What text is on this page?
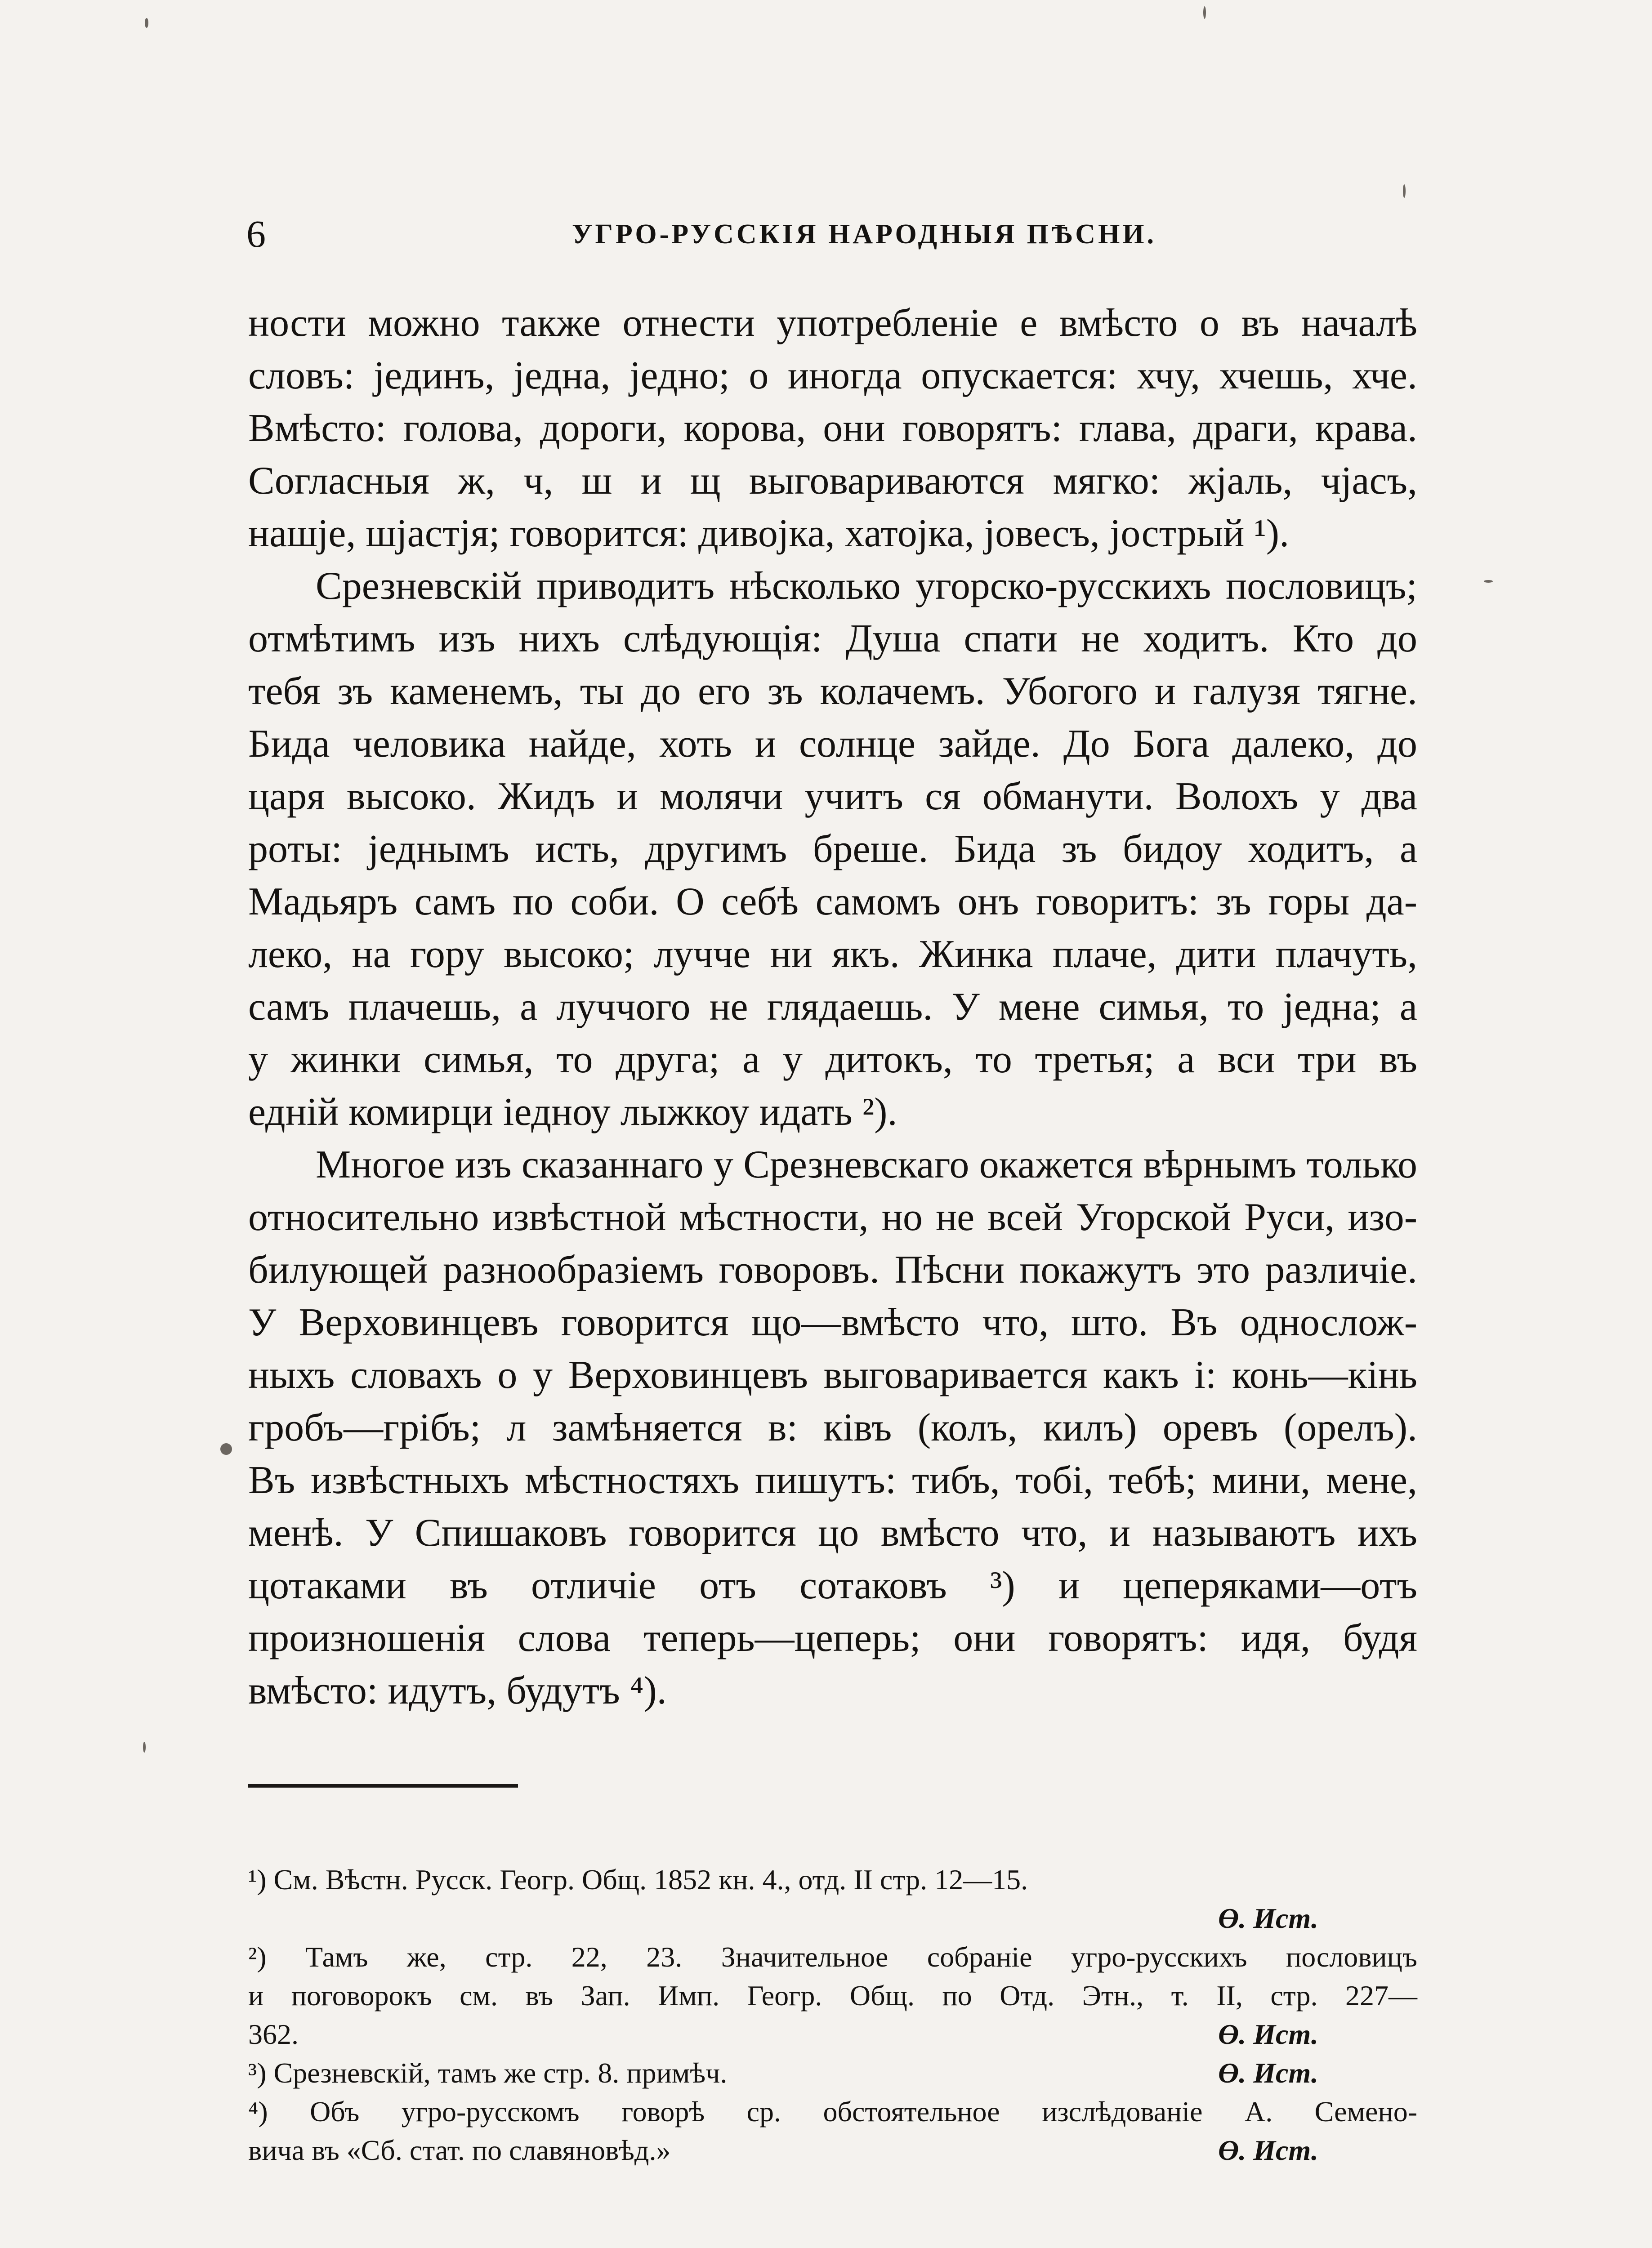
6	УГРО-РУССКІЯ НАРОДНЫЯ ПѢСНИ.
ности можно также отнести употребленіе е вмѣсто о въ началѣ
словъ: јединъ, једна, једно; о иногда опускается: хчу, хчешь, хче.
Вмѣсто: голова, дороги, корова, они говорятъ: глава, драги, крава.
Согласныя ж, ч, ш и щ выговариваются мягко: жјаль, чјасъ,
нашје, шјастјя; говорится: дивојка, хатојка, јовесъ, јострый ¹).
Срезневскій приводитъ нѣсколько угорско-русскихъ пословицъ;
отмѣтимъ изъ нихъ слѣдующія: Душа спати не ходитъ. Кто до
тебя зъ каменемъ, ты до его зъ колачемъ. Убогого и галузя тягне.
Бида человика найде, хоть и солнце зайде. До Бога далеко, до
царя высоко. Жидъ и молячи учитъ ся обманути. Волохъ у два
роты: једнымъ исть, другимъ бреше. Бида зъ бидоу ходитъ, а
Мадьяръ самъ по соби. О себѣ самомъ онъ говоритъ: зъ горы да-
леко, на гору высоко; лучче ни якъ. Жинка плаче, дити плачуть,
самъ плачешь, а луччого не глядаешь. У мене симья, то једна; а
у жинки симья, то друга; а у дитокъ, то третья; а вси три въ
едній комирци іедноу лыжкоу идать ²).
Многое изъ сказаннаго у Срезневскаго окажется вѣрнымъ только
относительно извѣстной мѣстности, но не всей Угорской Руси, изо-
билующей разнообразіемъ говоровъ. Пѣсни покажутъ это различіе.
У Верховинцевъ говорится що—вмѣсто что, што. Въ однослож-
ныхъ словахъ о у Верховинцевъ выговаривается какъ і: конь—кінь
гробъ—грібъ; л замѣняется в: ківъ (колъ, килъ) оревъ (орелъ).
Въ извѣстныхъ мѣстностяхъ пишутъ: тибъ, тобі, тебѣ; мини, мене,
менѣ. У Спишаковъ говорится цо вмѣсто что, и называютъ ихъ
цотаками въ отличіе отъ сотаковъ ³) и цеперяками—отъ
произношенія слова теперь—цеперь; они говорятъ: идя, будя
вмѣсто: идутъ, будутъ ⁴).
¹) См. Вѣстн. Русск. Геогр. Общ. 1852 кн. 4., отд. II стр. 12—15.
Ө. Ист.
²) Тамъ же, стр. 22, 23. Значительное собраніе угро-русскихъ пословицъ
и поговорокъ см. въ Зап. Имп. Геогр. Общ. по Отд. Этн., т. II, стр. 227—
362.	Ө. Ист.
³) Срезневскій, тамъ же стр. 8. примѣч.	Ө. Ист.
⁴) Объ угро-русскомъ говорѣ ср. обстоятельное изслѣдованіе А. Семено-
вича въ «Сб. стат. по славяновѣд.»	Ө. Ист.
